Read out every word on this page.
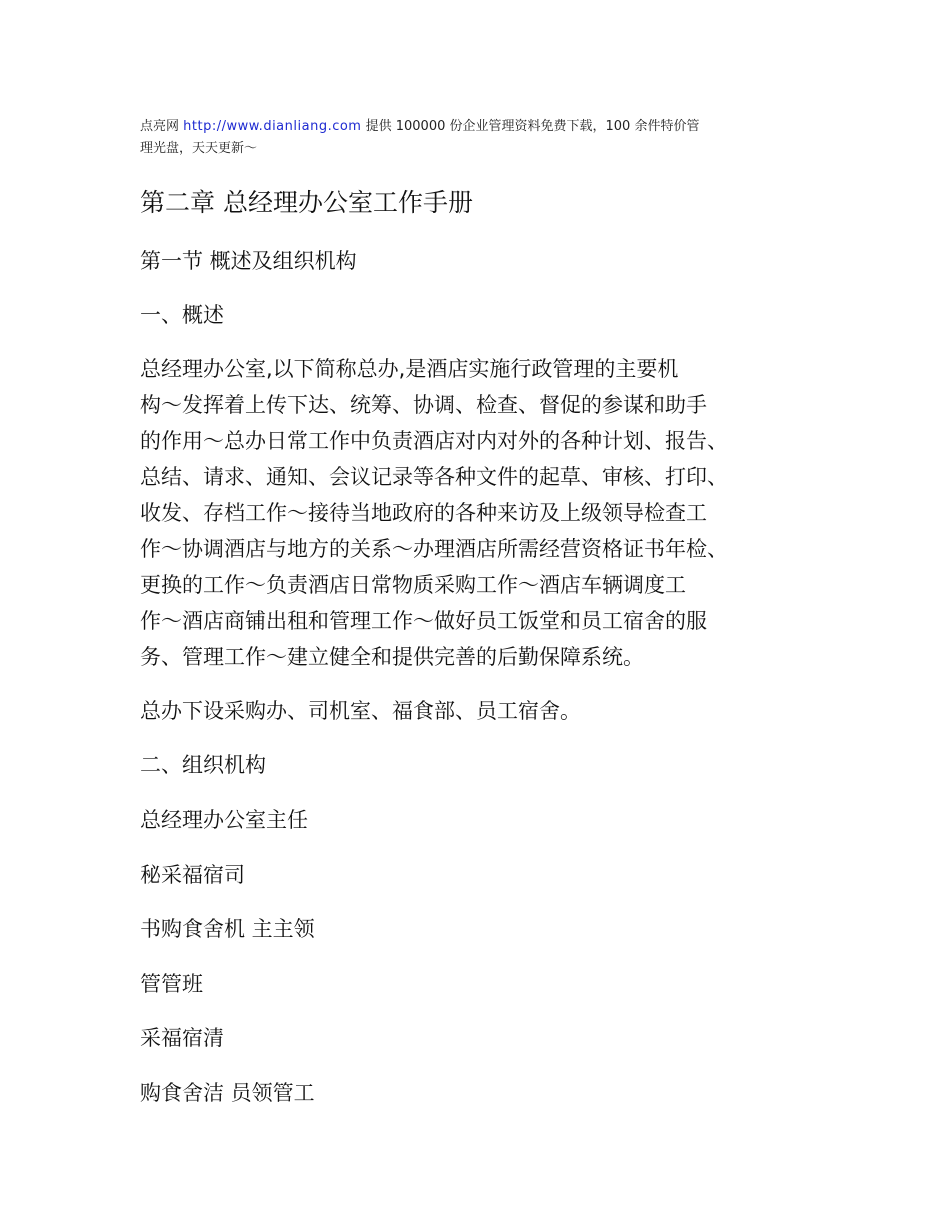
点亮网 http://www.dianliang.com 提供 100000 份企业管理资料免费下载，100 余件特价管
理光盘，天天更新～
第二章 总经理办公室工作手册
第一节 概述及组织机构
一、概述
总经理办公室,以下简称总办,是酒店实施行政管理的主要机
构～发挥着上传下达、统筹、协调、检查、督促的参谋和助手
的作用～总办日常工作中负责酒店对内对外的各种计划、报告、
总结、请求、通知、会议记录等各种文件的起草、审核、打印、
收发、存档工作～接待当地政府的各种来访及上级领导检查工
作～协调酒店与地方的关系～办理酒店所需经营资格证书年检、
更换的工作～负责酒店日常物质采购工作～酒店车辆调度工
作～酒店商铺出租和管理工作～做好员工饭堂和员工宿舍的服
务、管理工作～建立健全和提供完善的后勤保障系统。
总办下设采购办、司机室、福食部、员工宿舍。
二、组织机构
总经理办公室主任
秘采福宿司
书购食舍机 主主领
管管班
采福宿清
购食舍洁 员领管工
